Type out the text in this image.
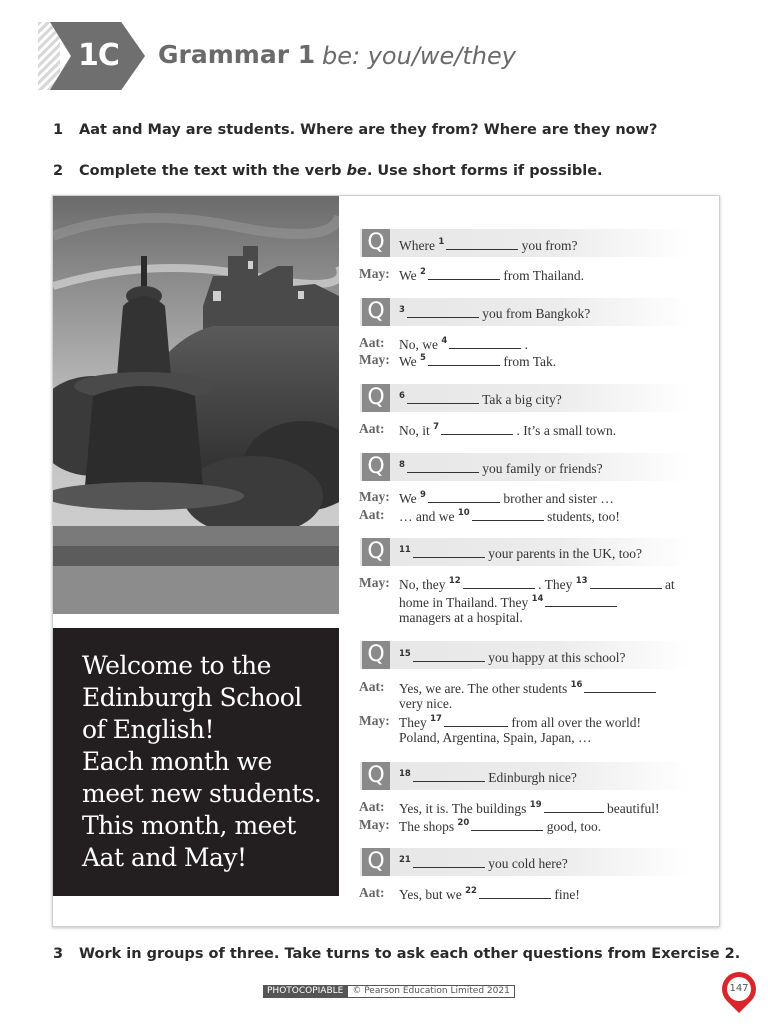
1C	Grammar 1 be: you/we/they
1 Aat and May are students. Where are they from? Where are they now?
2 Complete the text with the verb be. Use short forms if possible.
Welcome to the
Edinburgh School
of English!
Each month we
meet new students.
This month, meet
Aat and May!
Q	Where $^1$	you from?
May: We $^2$	from Thailand.
Q	$^3$	you from Bangkok?
Aat: No, we $^4$	.
May: We $^5$	from Tak.
Q	$^6$	Tak a big city?
Aat: No, it $^7$	. It’s a small town.
Q	$^8$	you family or friends?
May: We $^9$	brother and sister …
Aat: … and we $^{10}$	students, too!
Q	$^{11}$	your parents in the UK, too?
May: No, they $^{12}$	. They $^{13}$	at
home in Thailand. They $^{14}$
managers at a hospital.
Q	$^{15}$	you happy at this school?
Aat: Yes, we are. The other students $^{16}$
very nice.
May: They $^{17}$	from all over the world!
Poland, Argentina, Spain, Japan, …
Q	$^{18}$	Edinburgh nice?
Aat: Yes, it is. The buildings $^{19}$	beautiful!
May: The shops $^{20}$	good, too.
Q	$^{21}$	you cold here?
Aat: Yes, but we $^{22}$	fine!
3 Work in groups of three. Take turns to ask each other questions from Exercise 2.
PHOTOCOPIABLE © Pearson Education Limited 2021	147
